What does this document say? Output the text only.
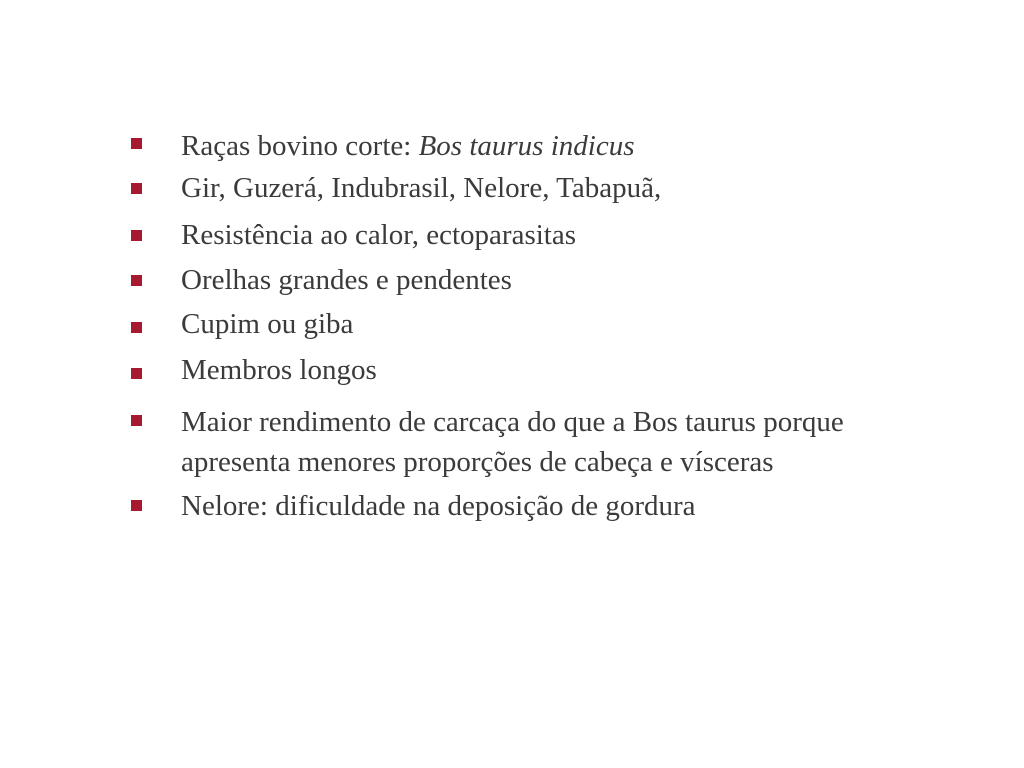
Raças bovino corte: Bos taurus indicus
Gir, Guzerá, Indubrasil, Nelore, Tabapuã,
Resistência ao calor, ectoparasitas
Orelhas grandes e pendentes
Cupim ou giba
Membros longos
Maior rendimento de carcaça do que a Bos taurus porque
apresenta menores proporções de cabeça e vísceras
Nelore: dificuldade na deposição de gordura
